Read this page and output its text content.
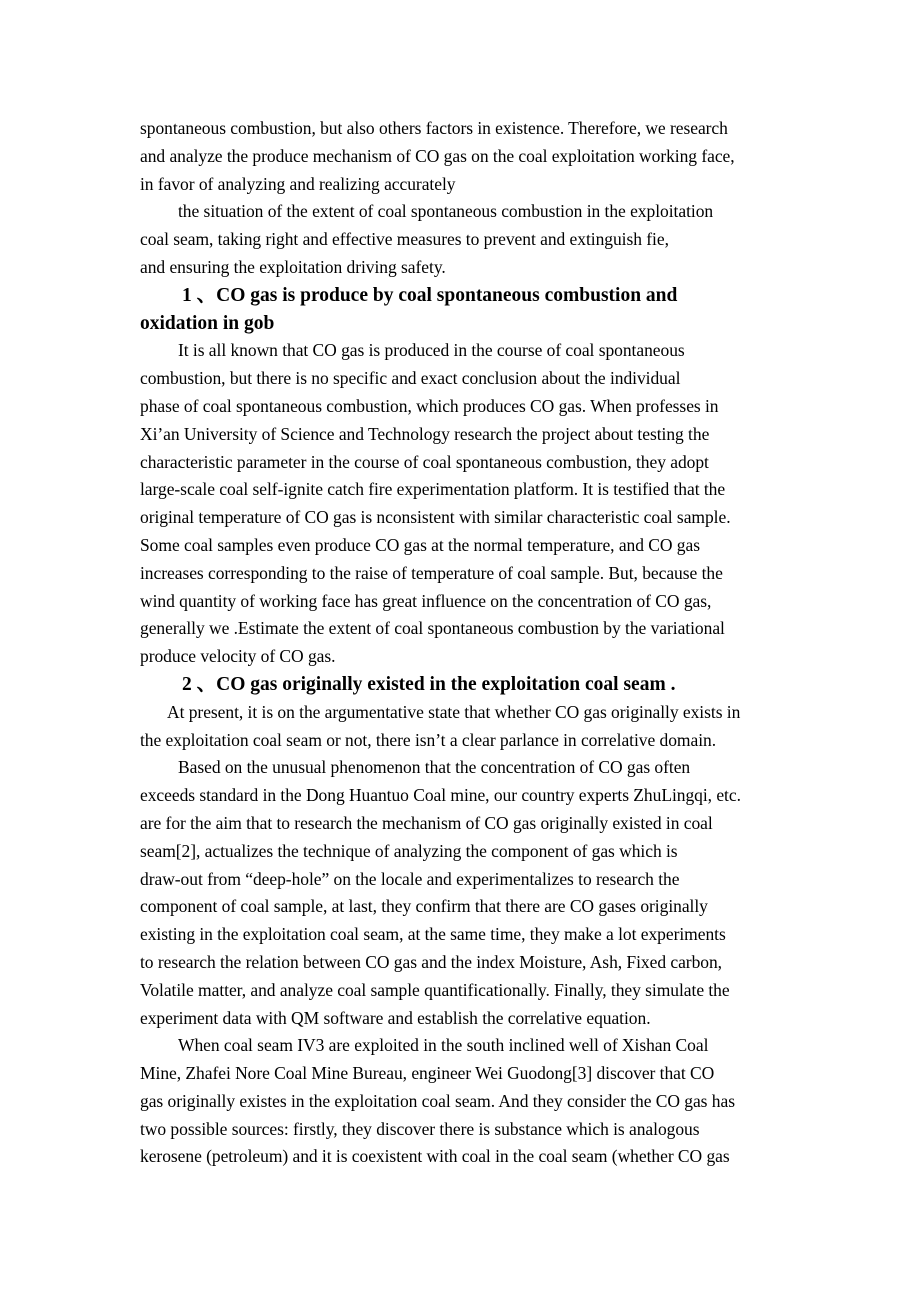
spontaneous combustion, but also others factors in existence. Therefore, we research
and analyze the produce mechanism of CO gas on the coal exploitation working face,
in favor of analyzing and realizing accurately
the situation of the extent of coal spontaneous combustion in the exploitation
coal seam, taking right and effective measures to prevent and extinguish fie,
and ensuring the exploitation driving safety.
1 、CO gas is produce by coal spontaneous combustion and
oxidation in gob
It is all known that CO gas is produced in the course of coal spontaneous
combustion, but there is no specific and exact conclusion about the individual
phase of coal spontaneous combustion, which produces CO gas. When professes in
Xi’an University of Science and Technology research the project about testing the
characteristic parameter in the course of coal spontaneous combustion, they adopt
large-scale coal self-ignite catch fire experimentation platform. It is testified that the
original temperature of CO gas is nconsistent with similar characteristic coal sample.
Some coal samples even produce CO gas at the normal temperature, and CO gas
increases corresponding to the raise of temperature of coal sample. But, because the
wind quantity of working face has great influence on the concentration of CO gas,
generally we .Estimate the extent of coal spontaneous combustion by the variational
produce velocity of CO gas.
2 、CO gas originally existed in the exploitation coal seam .
At present, it is on the argumentative state that whether CO gas originally exists in
the exploitation coal seam or not, there isn’t a clear parlance in correlative domain.
Based on the unusual phenomenon that the concentration of CO gas often
exceeds standard in the Dong Huantuo Coal mine, our country experts ZhuLingqi, etc.
are for the aim that to research the mechanism of CO gas originally existed in coal
seam[2], actualizes the technique of analyzing the component of gas which is
draw-out from “deep-hole” on the locale and experimentalizes to research the
component of coal sample, at last, they confirm that there are CO gases originally
existing in the exploitation coal seam, at the same time, they make a lot experiments
to research the relation between CO gas and the index Moisture, Ash, Fixed carbon,
Volatile matter, and analyze coal sample quantificationally. Finally, they simulate the
experiment data with QM software and establish the correlative equation.
When coal seam IV3 are exploited in the south inclined well of Xishan Coal
Mine, Zhafei Nore Coal Mine Bureau, engineer Wei Guodong[3] discover that CO
gas originally existes in the exploitation coal seam. And they consider the CO gas has
two possible sources: firstly, they discover there is substance which is analogous
kerosene (petroleum) and it is coexistent with coal in the coal seam (whether CO gas
